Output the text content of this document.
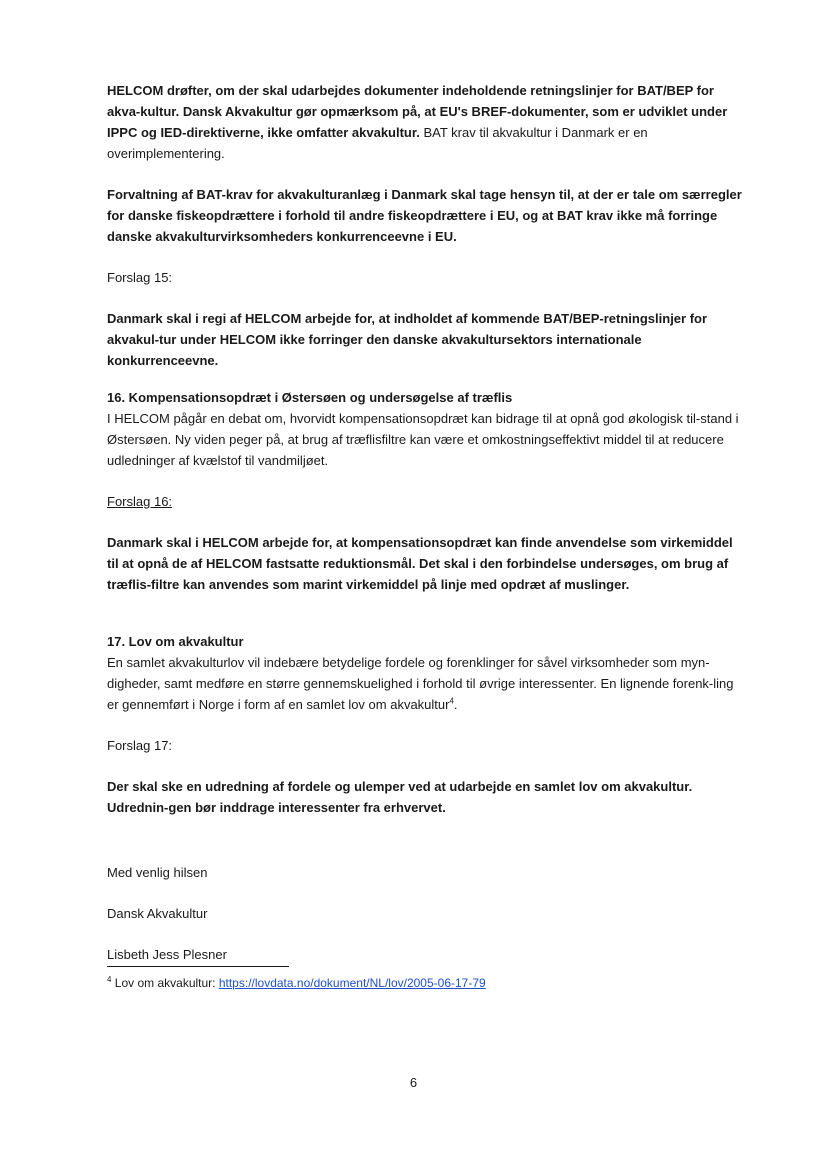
HELCOM drøfter, om der skal udarbejdes dokumenter indeholdende retningslinjer for BAT/BEP for akva-kultur. Dansk Akvakultur gør opmærksom på, at EU's BREF-dokumenter, som er udviklet under IPPC og IED-direktiverne, ikke omfatter akvakultur. BAT krav til akvakultur i Danmark er en overimplementering.

Forvaltning af BAT-krav for akvakulturanlæg i Danmark skal tage hensyn til, at der er tale om særregler for danske fiskeopdrættere i forhold til andre fiskeopdrættere i EU, og at BAT krav ikke må forringe danske akvakulturvirksomheders konkurrenceevne i EU.

Forslag 15:

Danmark skal i regi af HELCOM arbejde for, at indholdet af kommende BAT/BEP-retningslinjer for akvakul-tur under HELCOM ikke forringer den danske akvakultursektors internationale konkurrenceevne.

16. Kompensationsopdræt i Østersøen og undersøgelse af træflis

I HELCOM pågår en debat om, hvorvidt kompensationsopdræt kan bidrage til at opnå god økologisk til-stand i Østersøen. Ny viden peger på, at brug af træflisfiltre kan være et omkostningseffektivt middel til at reducere udledninger af kvælstof til vandmiljøet.

Forslag 16:

Danmark skal i HELCOM arbejde for, at kompensationsopdræt kan finde anvendelse som virkemiddel til at opnå de af HELCOM fastsatte reduktionsmål. Det skal i den forbindelse undersøges, om brug af træflis-filtre kan anvendes som marint virkemiddel på linje med opdræt af muslinger.

17. Lov om akvakultur

En samlet akvakulturlov vil indebære betydelige fordele og forenklinger for såvel virksomheder som myn-digheder, samt medføre en større gennemskuelighed i forhold til øvrige interessenter. En lignende forenk-ling er gennemført i Norge i form af en samlet lov om akvakultur$^4$.

Forslag 17:

Der skal ske en udredning af fordele og ulemper ved at udarbejde en samlet lov om akvakultur. Udrednin-gen bør inddrage interessenter fra erhvervet.

Med venlig hilsen

Dansk Akvakultur

Lisbeth Jess Plesner

$^4$ Lov om akvakultur: https://lovdata.no/dokument/NL/lov/2005-06-17-79
6
